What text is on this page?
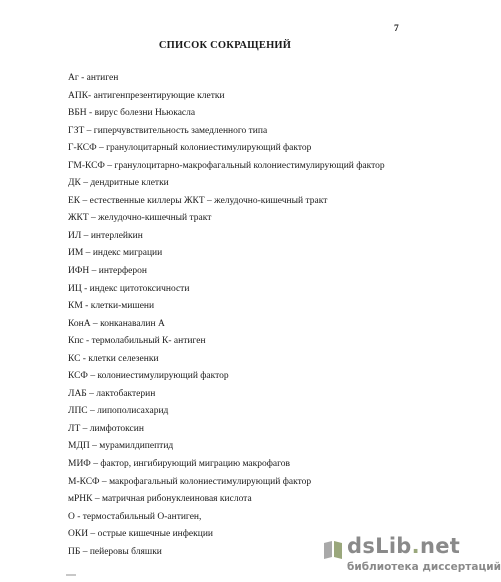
7
СПИСОК СОКРАЩЕНИЙ
Аг - антиген
АПК- антигенпрезентирующие клетки
ВБН - вирус болезни Ньюкасла
ГЗТ – гиперчувствительность замедленного типа
Г-КСФ – гранулоцитарный колониестимулирующий фактор
ГМ-КСФ – гранулоцитарно-макрофагальный колониестимулирующий фактор
ДК – дендритные клетки
ЕК – естественные киллеры ЖКТ – желудочно-кишечный тракт
ЖКТ – желудочно-кишечный тракт
ИЛ – интерлейкин
ИМ – индекс миграции
ИФН – интерферон
ИЦ - индекс цитотоксичности
КМ - клетки-мишени
КонА – конканавалин А
Кпс - термолабильный К- антиген
КС - клетки селезенки
КСФ – колониестимулирующий фактор
ЛАБ – лактобактерин
ЛПС – липополисахарид
ЛТ – лимфотоксин
МДП – мурамилдипептид
МИФ – фактор, ингибирующий миграцию макрофагов
М-КСФ – макрофагальный колониестимулирующий фактор
мРНК – матричная рибонуклеиновая кислота
О - термостабильный О-антиген,
ОКИ – острые кишечные инфекции
ПБ – пейеровы бляшки	dsLib.net
библиотека диссертаций
